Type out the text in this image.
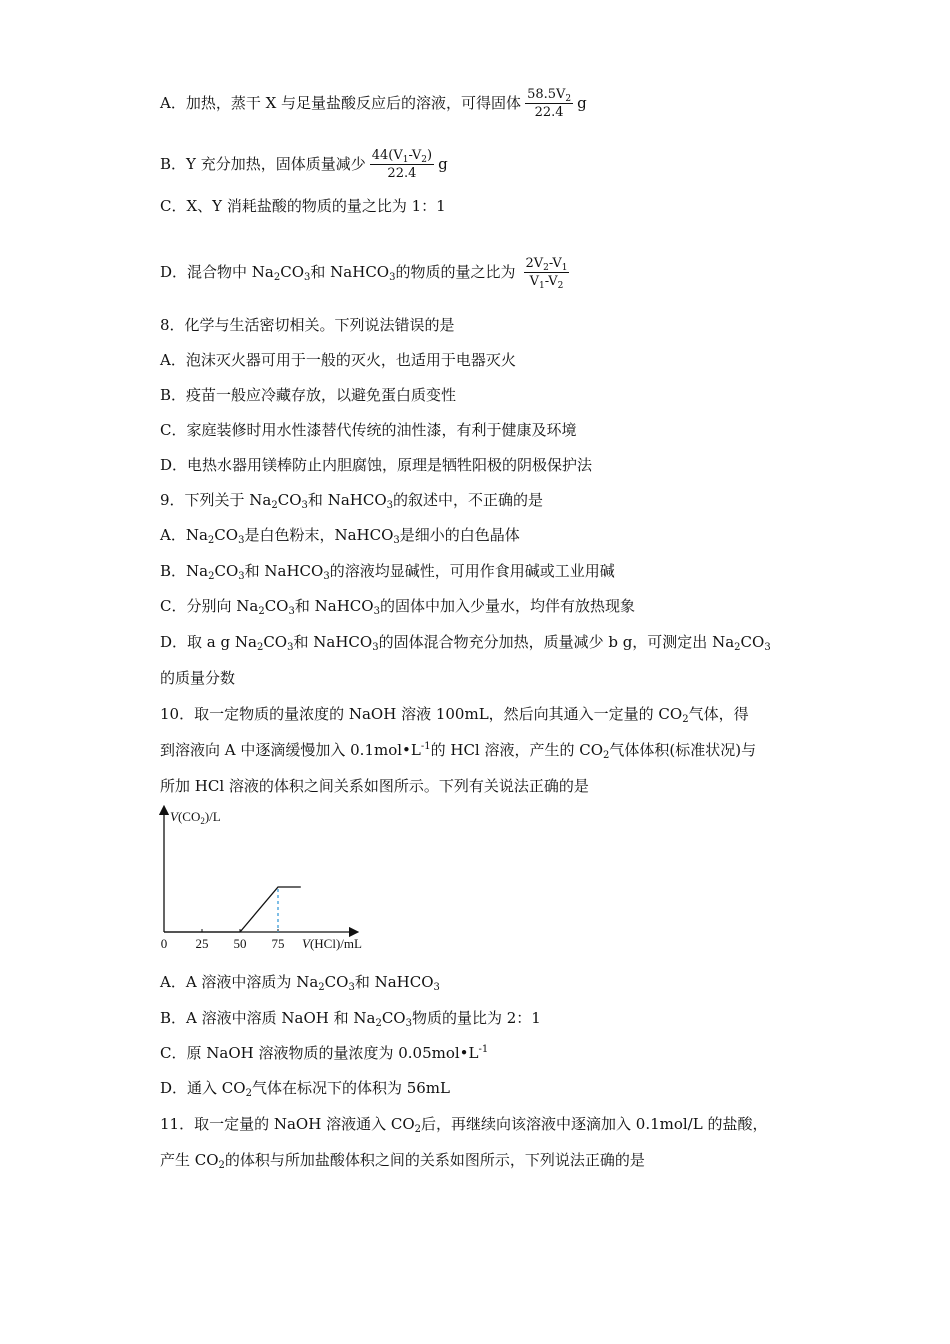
A．加热，蒸干 X 与足量盐酸反应后的溶液，可得固体 $\frac{58.5V_2}{22.4}$ g
B．Y 充分加热，固体质量减少 $\frac{44(V_1-V_2)}{22.4}$ g
C．X、Y 消耗盐酸的物质的量之比为 1：1
D．混合物中 $Na_2CO_3$和 NaHCO$_3$的物质的量之比为 $\frac{2V_2-V_1}{V_1-V_2}$
8．化学与生活密切相关。下列说法错误的是
A．泡沫灭火器可用于一般的灭火，也适用于电器灭火
B．疫苗一般应冷藏存放，以避免蛋白质变性
C．家庭装修时用水性漆替代传统的油性漆，有利于健康及环境
D．电热水器用镁棒防止内胆腐蚀，原理是牺牲阳极的阴极保护法
9．下列关于 $Na_2CO_3$和 NaHCO$_3$的叙述中，不正确的是
A．$Na_2CO_3$是白色粉末，NaHCO$_3$是细小的白色晶体
B．$Na_2CO_3$和 NaHCO$_3$的溶液均显碱性，可用作食用碱或工业用碱
C．分别向 $Na_2CO_3$和 NaHCO$_3$的固体中加入少量水，均伴有放热现象
D．取 a g $Na_2CO_3$和 NaHCO$_3$的固体混合物充分加热，质量减少 b g，可测定出 $Na_2CO_3$
的质量分数
10．取一定物质的量浓度的 NaOH 溶液 100mL，然后向其通入一定量的 $CO_2$气体，得
到溶液向 A 中逐滴缓慢加入 $0.1mol•L^{-1}$的 HCl 溶液，产生的 $CO_2$气体体积(标准状况)与
所加 HCl 溶液的体积之间关系如图所示。下列有关说法正确的是
$V(CO_2)/L$
V(HCl)/mL
0 25 50 75
A．A 溶液中溶质为 $Na_2CO_3$和 NaHCO$_3$
B．A 溶液中溶质 NaOH 和 $Na_2CO_3$物质的量比为 2：1
C．原 NaOH 溶液物质的量浓度为 $0.05mol•L^{-1}$
D．通入 $CO_2$气体在标况下的体积为 56mL
11．取一定量的 NaOH 溶液通入 $CO_2$后，再继续向该溶液中逐滴加入 0.1mol/L 的盐酸，
产生 $CO_2$的体积与所加盐酸体积之间的关系如图所示，下列说法正确的是
